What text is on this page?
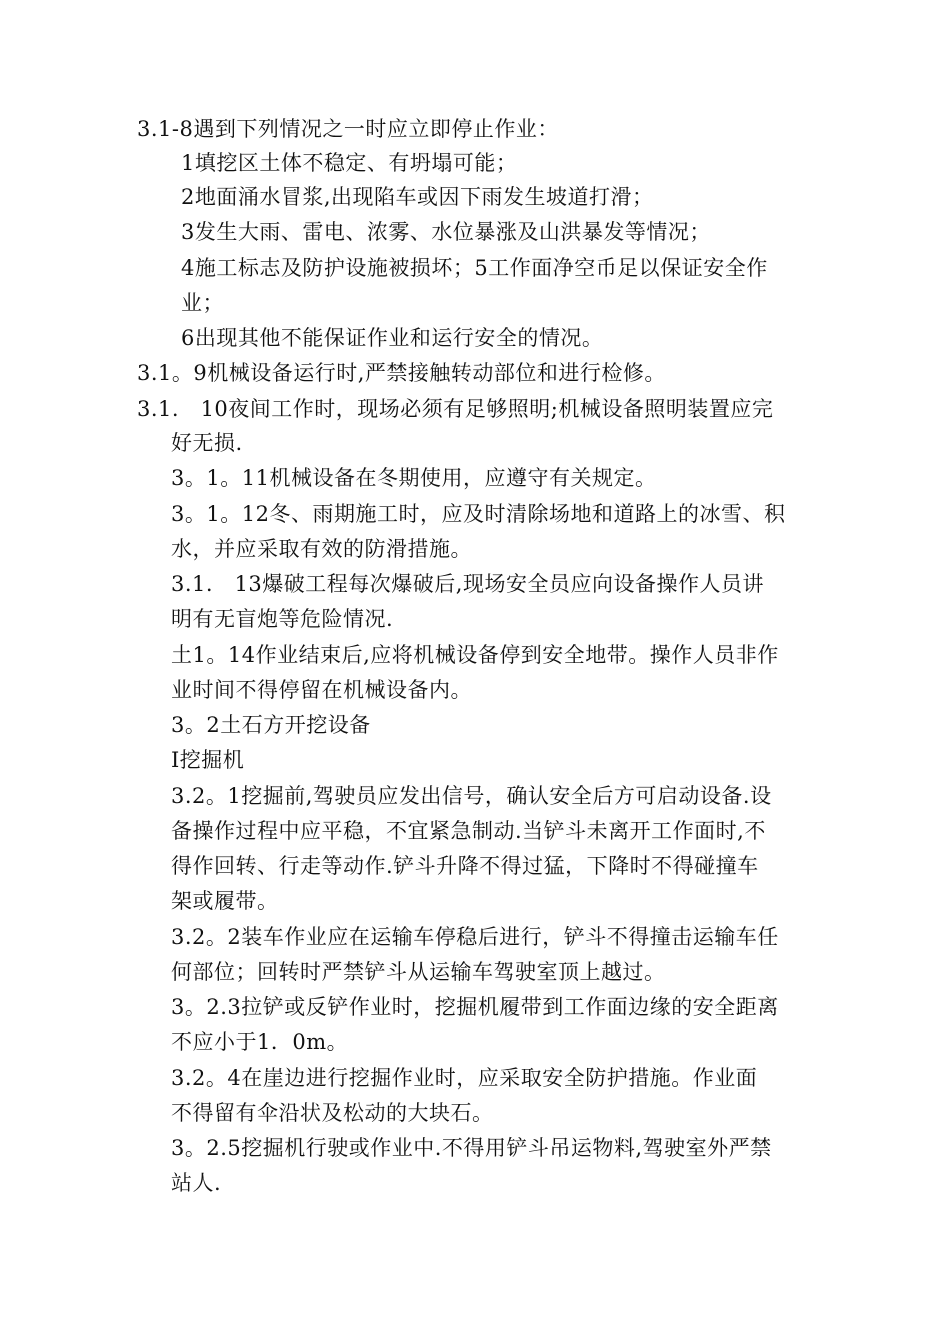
3.1-8遇到下列情况之一时应立即停止作业：
1填挖区土体不稳定、有坍塌可能；
2地面涌水冒浆,出现陷车或因下雨发生坡道打滑；
3发生大雨、雷电、浓雾、水位暴涨及山洪暴发等情况；
4施工标志及防护设施被损坏；5工作面净空币足以保证安全作
业；
6出现其他不能保证作业和运行安全的情况。
3.1。9机械设备运行时,严禁接触转动部位和进行检修。
3.1.　10夜间工作时，现场必须有足够照明;机械设备照明装置应完
好无损.
3。1。11机械设备在冬期使用，应遵守有关规定。
3。1。12冬、雨期施工时，应及时清除场地和道路上的冰雪、积
水，并应采取有效的防滑措施。
3.1.　13爆破工程每次爆破后,现场安全员应向设备操作人员讲
明有无盲炮等危险情况.
土1。14作业结束后,应将机械设备停到安全地带。操作人员非作
业时间不得停留在机械设备内。
3。2土石方开挖设备
I挖掘机
3.2。1挖掘前,驾驶员应发出信号，确认安全后方可启动设备.设
备操作过程中应平稳，不宜紧急制动.当铲斗未离开工作面时,不
得作回转、行走等动作.铲斗升降不得过猛，下降时不得碰撞车
架或履带。
3.2。2装车作业应在运输车停稳后进行，铲斗不得撞击运输车任
何部位；回转时严禁铲斗从运输车驾驶室顶上越过。
3。2.3拉铲或反铲作业时，挖掘机履带到工作面边缘的安全距离
不应小于1．0m。
3.2。4在崖边进行挖掘作业时，应采取安全防护措施。作业面
不得留有伞沿状及松动的大块石。
3。2.5挖掘机行驶或作业中.不得用铲斗吊运物料,驾驶室外严禁
站人.
